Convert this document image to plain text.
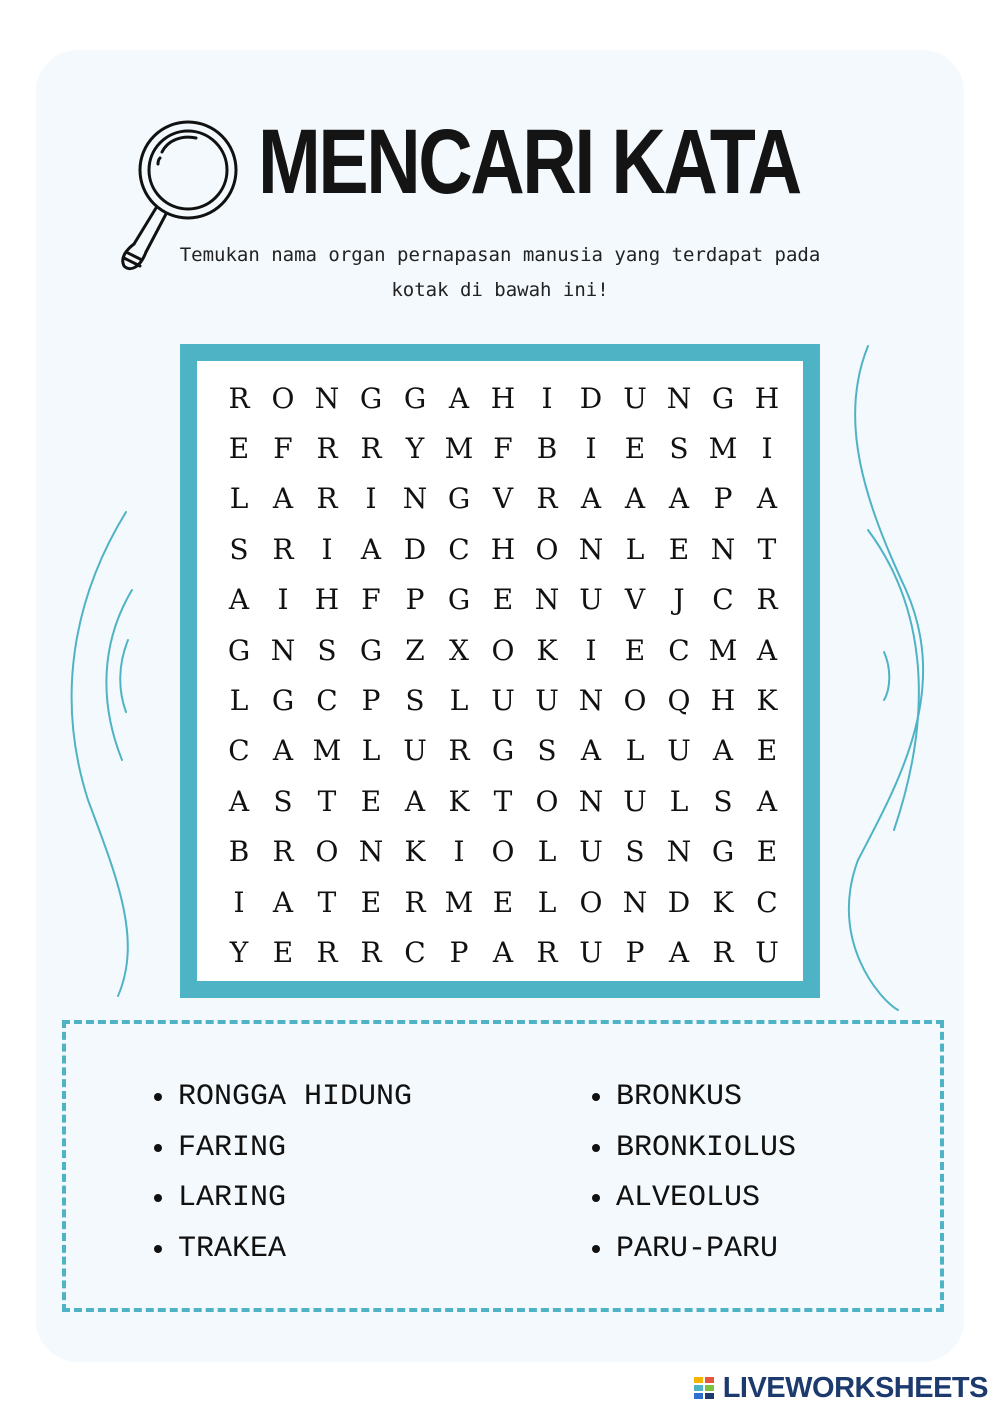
MENCARI KATA
Temukan nama organ pernapasan manusia yang terdapat pada kotak di bawah ini!
R O N G G A H I D U N G H
E F R R Y M F B	I	E S M I
L A R I N G V R A A A P A
S R I	A D C H O N L E N T
A	I H F P G E N U V	J C R
G N S G Z X O K	I	E C M A
L G C P S L U U N O Q H K
C A M L U R G S A L U A E
A S T E A K T O N U L S A
B R O N K	I O L U S N G E
I	A T E R M E L O N D K C
Y E R R C P A R U P A R U
RONGGA HIDUNG
FARING
LARING
TRAKEA
BRONKUS
BRONKIOLUS
ALVEOLUS
PARU-PARU
LIVEWORKSHEETS
